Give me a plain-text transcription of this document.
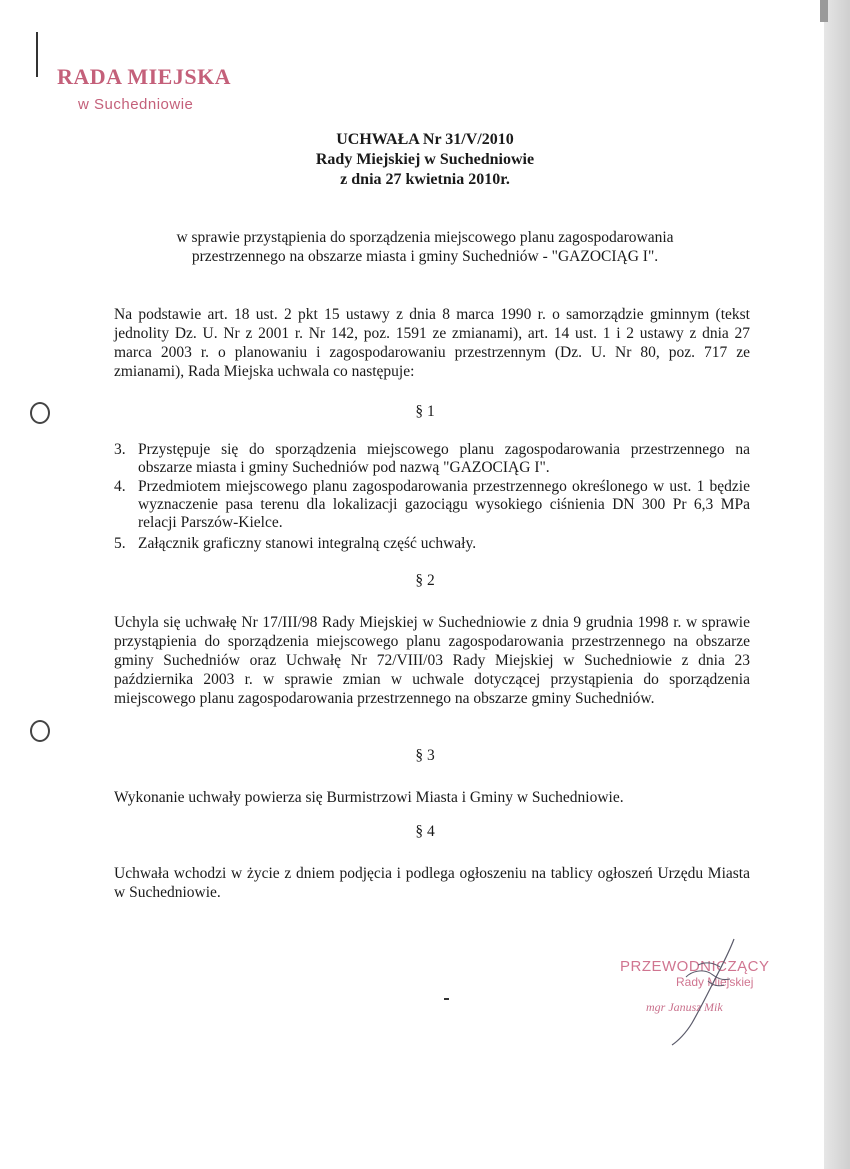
RADA MIEJSKA
w Suchedniowie
UCHWAŁA Nr 31/V/2010
Rady Miejskiej w Suchedniowie
z dnia 27 kwietnia 2010r.
w sprawie przystąpienia do sporządzenia miejscowego planu zagospodarowania
przestrzennego na obszarze miasta i gminy Suchedniów - "GAZOCIĄG I".
Na podstawie art. 18 ust. 2 pkt 15 ustawy z dnia 8 marca 1990 r. o samorządzie gminnym (tekst jednolity Dz. U. Nr z 2001 r. Nr 142, poz. 1591 ze zmianami), art. 14 ust. 1 i 2 ustawy z dnia 27 marca 2003 r. o planowaniu i zagospodarowaniu przestrzennym (Dz. U. Nr 80, poz. 717 ze zmianami), Rada Miejska uchwala co następuje:
§ 1
3. Przystępuje się do sporządzenia miejscowego planu zagospodarowania przestrzennego na obszarze miasta i gminy Suchedniów pod nazwą "GAZOCIĄG I".
4. Przedmiotem miejscowego planu zagospodarowania przestrzennego określonego w ust. 1 będzie wyznaczenie pasa terenu dla lokalizacji gazociągu wysokiego ciśnienia DN 300 Pr 6,3 MPa relacji Parszów-Kielce.
5. Załącznik graficzny stanowi integralną część uchwały.
§ 2
Uchyla się uchwałę Nr 17/III/98 Rady Miejskiej w Suchedniowie z dnia 9 grudnia 1998 r. w sprawie przystąpienia do sporządzenia miejscowego planu zagospodarowania przestrzennego na obszarze gminy Suchedniów oraz Uchwałę Nr 72/VIII/03 Rady Miejskiej w Suchedniowie z dnia 23 października 2003 r. w sprawie zmian w uchwale dotyczącej przystąpienia do sporządzenia miejscowego planu zagospodarowania przestrzennego na obszarze gminy Suchedniów.
§ 3
Wykonanie uchwały powierza się Burmistrzowi Miasta i Gminy w Suchedniowie.
§ 4
Uchwała wchodzi w życie z dniem podjęcia i podlega ogłoszeniu na tablicy ogłoszeń Urzędu Miasta w Suchedniowie.
PRZEWODNICZĄCY
Rady Miejskiej
mgr Janusz Mik
